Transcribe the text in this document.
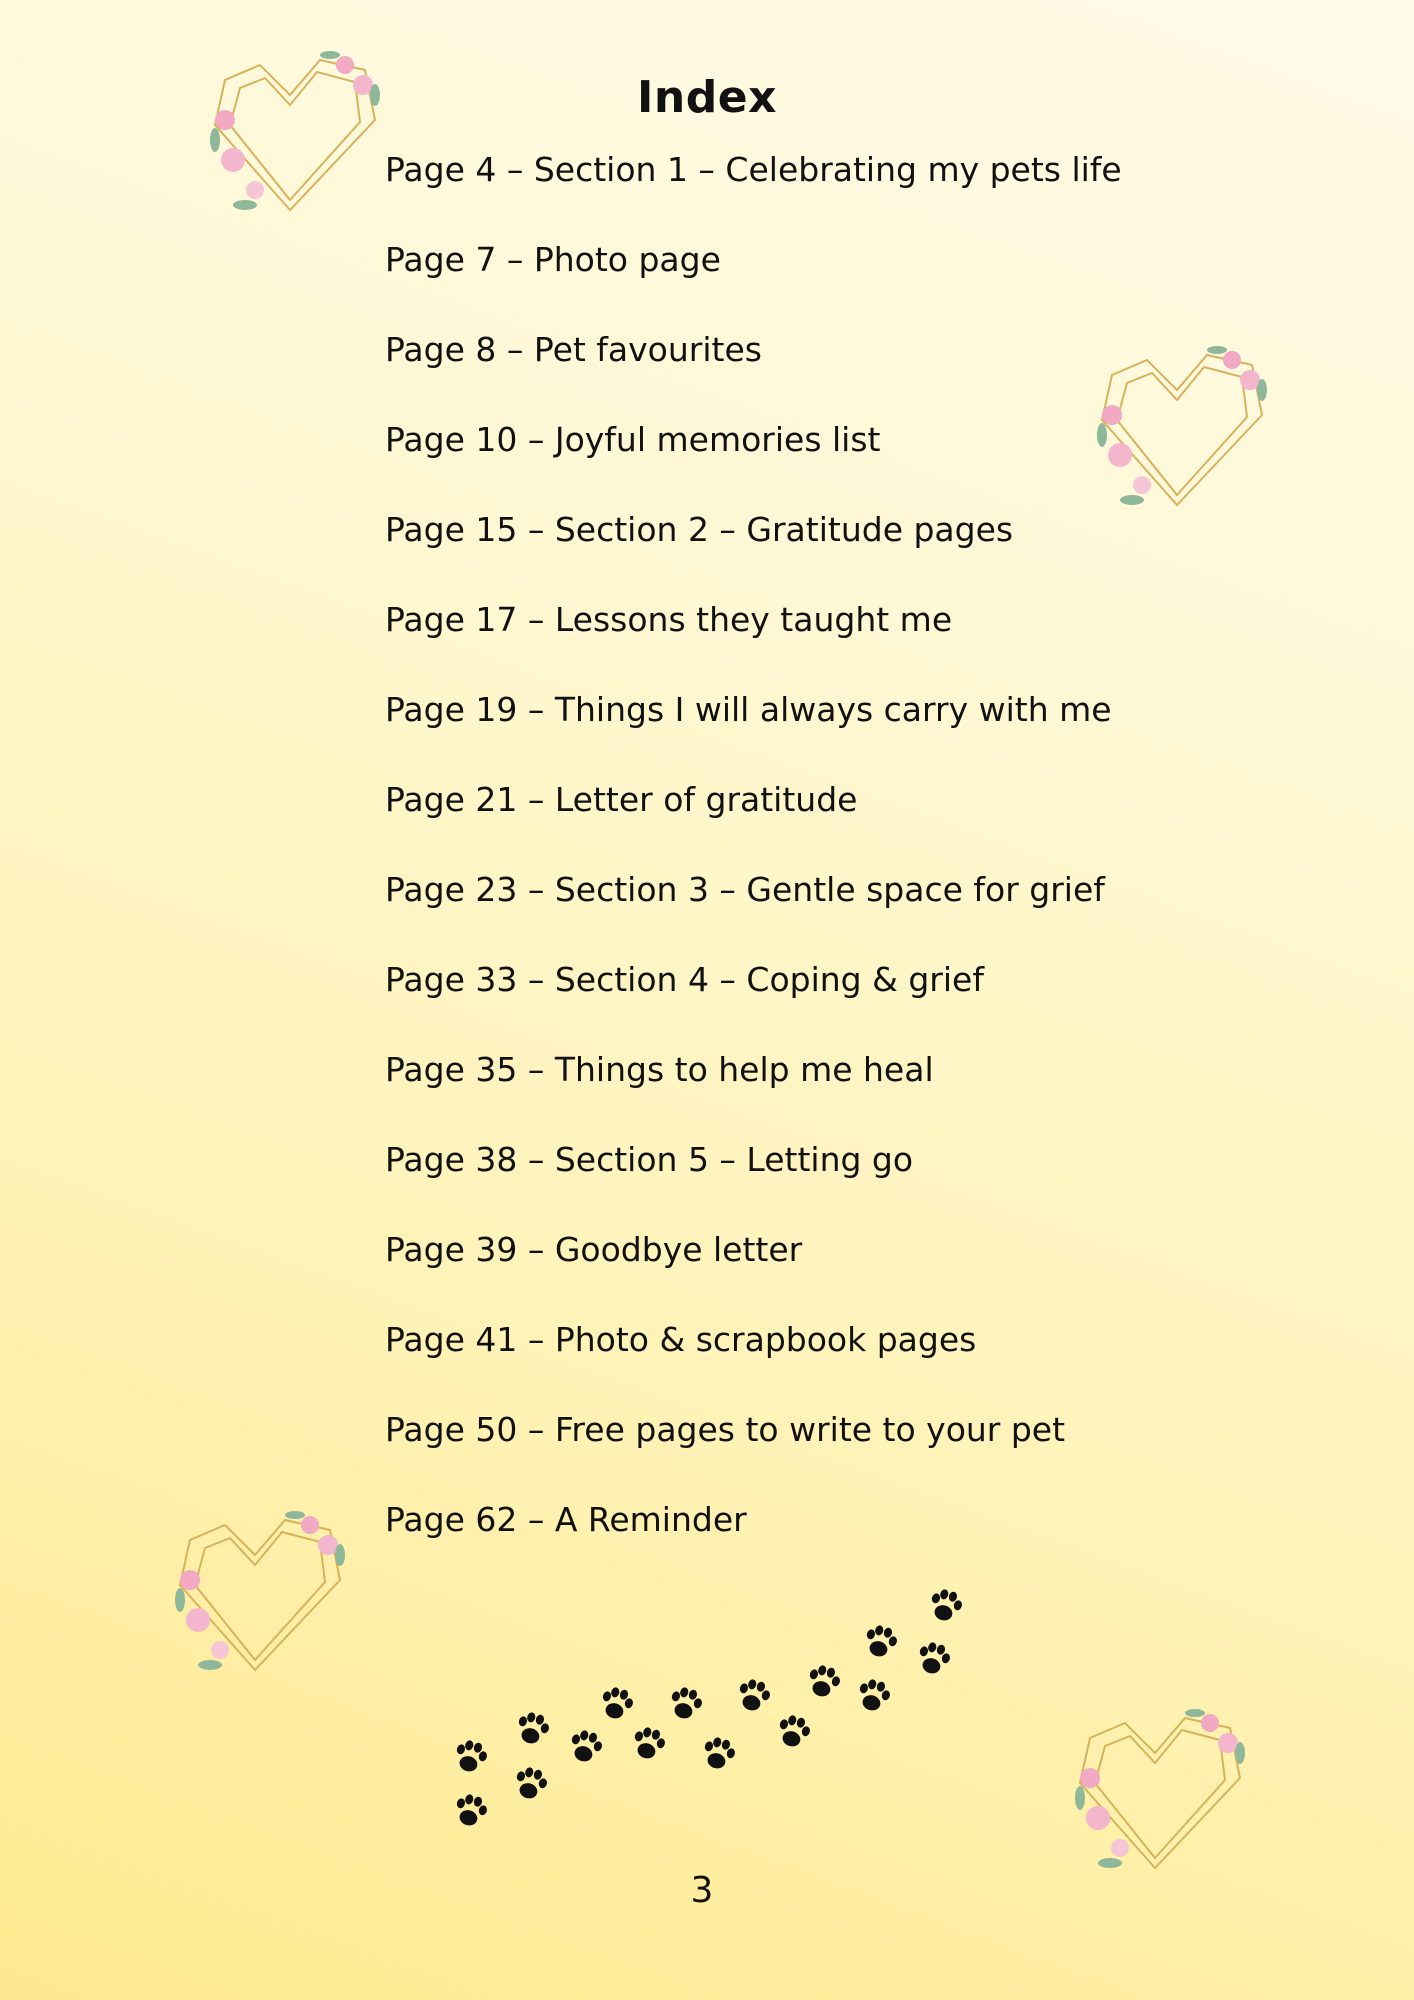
Index
Page 4 – Section 1 – Celebrating my pets life
Page 7 – Photo page
Page 8 – Pet favourites
Page 10 – Joyful memories list
Page 15 – Section 2 – Gratitude pages
Page 17 – Lessons they taught me
Page 19 – Things I will always carry with me
Page 21 – Letter of gratitude
Page 23 – Section 3 – Gentle space for grief
Page 33 – Section 4 – Coping & grief
Page 35 – Things to help me heal
Page 38 – Section 5 – Letting go
Page 39 – Goodbye letter
Page 41 – Photo & scrapbook pages
Page 50 – Free pages to write to your pet
Page 62 – A Reminder
3
